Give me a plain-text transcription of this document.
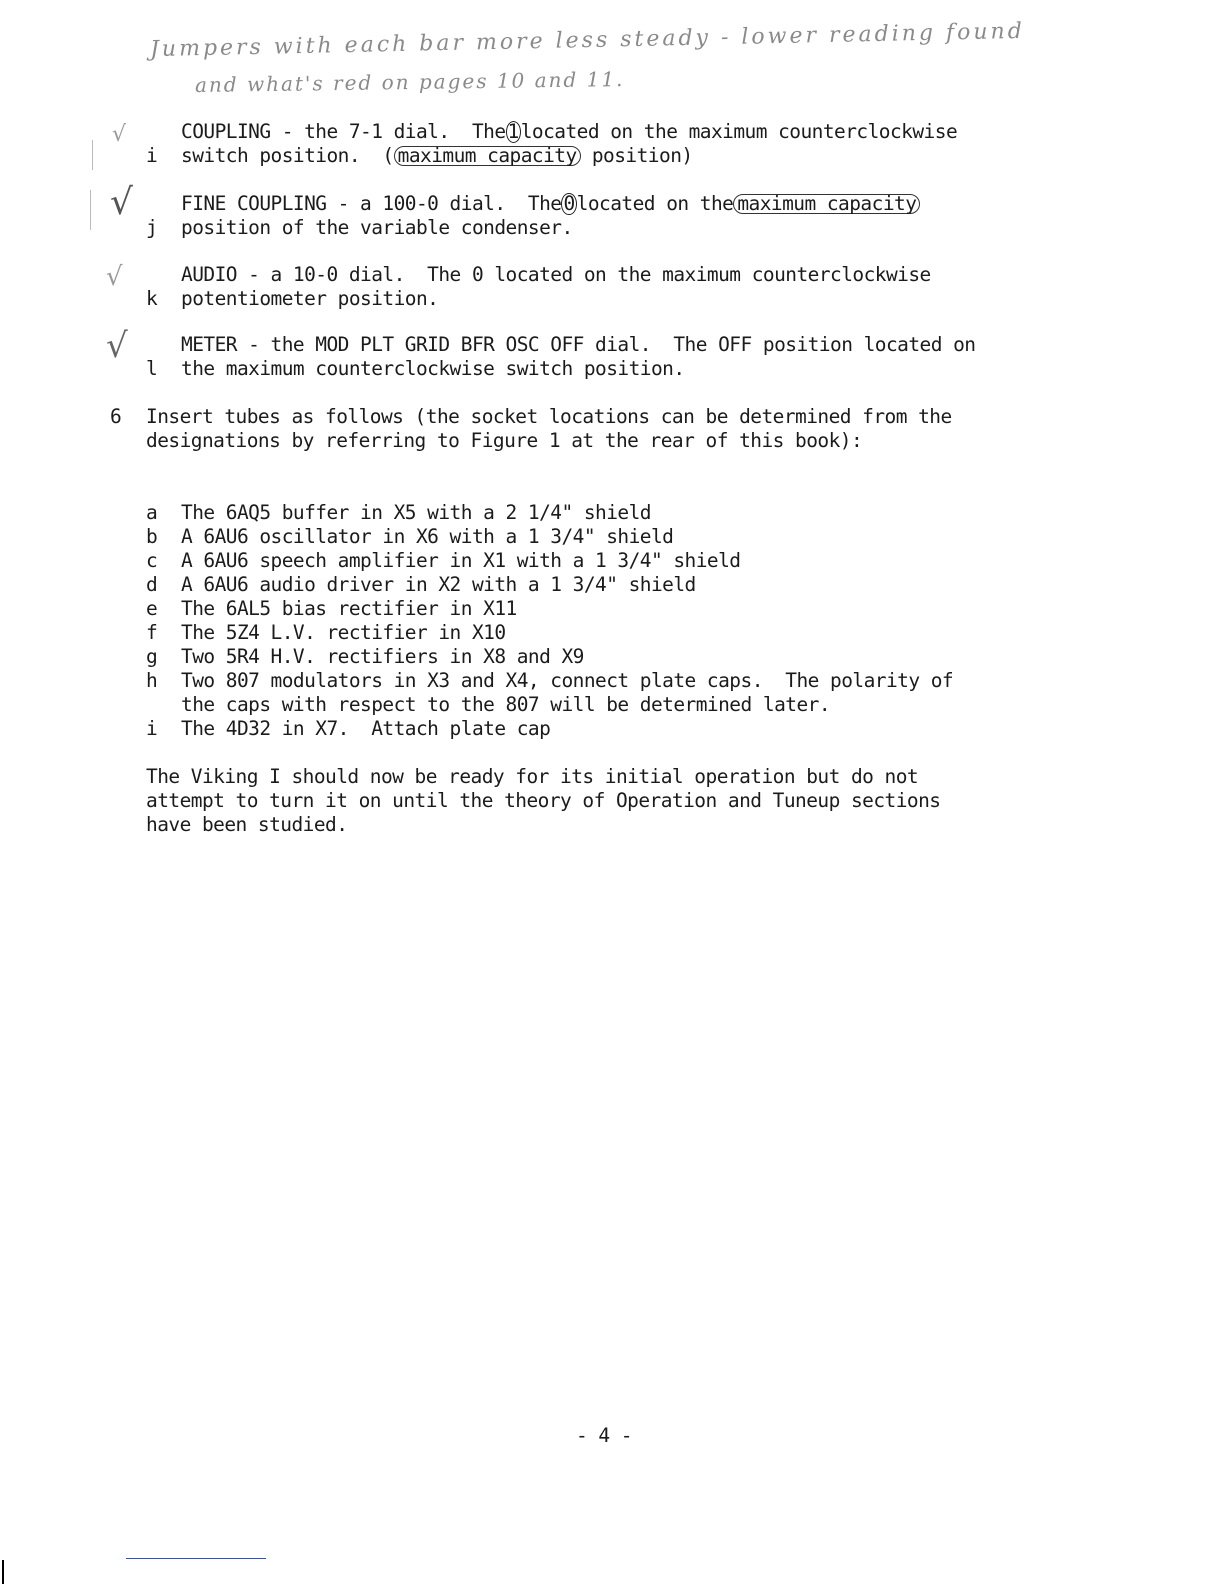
Jumpers with each bar more less steady - lower reading found
and what's red on pages 10 and 11.
√

i

COUPLING - the 7-1 dial.  The 1 located on the maximum counterclockwise

switch position.  ( maximum capacity position)

√

j

FINE COUPLING - a 100-0 dial.  The 0 located on the maximum capacity

position of the variable condenser.

√

k

AUDIO - a 10-0 dial.  The 0 located on the maximum counterclockwise

potentiometer position.

√

l

METER - the MOD PLT GRID BFR OSC OFF dial.  The OFF position located on

the maximum counterclockwise switch position.

6

Insert tubes as follows (the socket locations can be determined from the

designations by referring to Figure 1 at the rear of this book):

a The 6AQ5 buffer in X5 with a 2 1/4" shield

b A 6AU6 oscillator in X6 with a 1 3/4" shield

c A 6AU6 speech amplifier in X1 with a 1 3/4" shield

d A 6AU6 audio driver in X2 with a 1 3/4" shield

e The 6AL5 bias rectifier in X11

f The 5Z4 L.V. rectifier in X10

g Two 5R4 H.V. rectifiers in X8 and X9

h Two 807 modulators in X3 and X4, connect plate caps.  The polarity of

the caps with respect to the 807 will be determined later.

i The 4D32 in X7.  Attach plate cap

The Viking I should now be ready for its initial operation but do not

attempt to turn it on until the theory of Operation and Tuneup sections

have been studied.

- 4 -
